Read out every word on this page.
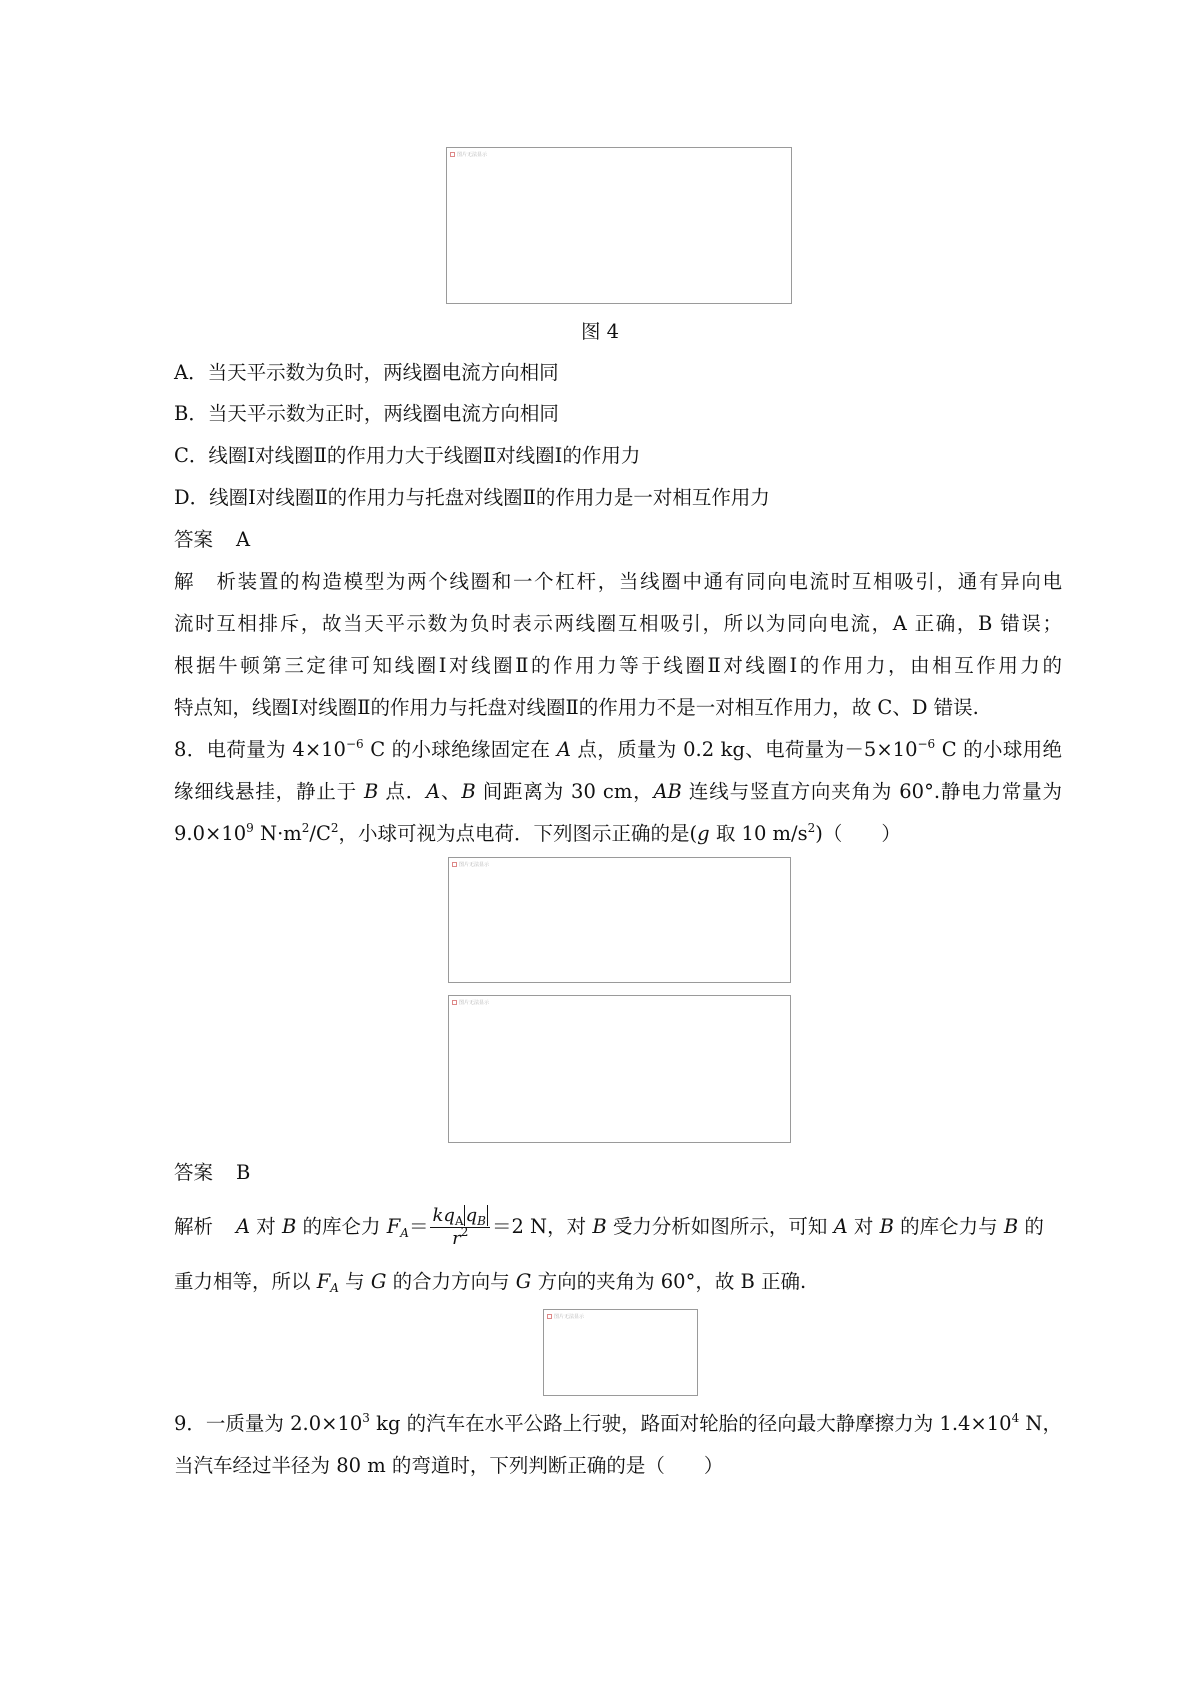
图片无法显示
图 4
A．当天平示数为负时，两线圈电流方向相同
B．当天平示数为正时，两线圈电流方向相同
C．线圈Ⅰ对线圈Ⅱ的作用力大于线圈Ⅱ对线圈Ⅰ的作用力
D．线圈Ⅰ对线圈Ⅱ的作用力与托盘对线圈Ⅱ的作用力是一对相互作用力
答案 A
解析装置的构造模型为两个线圈和一个杠杆，当线圈中通有同向电流时互相吸引，通有异向电
流时互相排斥，故当天平示数为负时表示两线圈互相吸引，所以为同向电流，A 正确，B 错误；
根据牛顿第三定律可知线圈Ⅰ对线圈Ⅱ的作用力等于线圈Ⅱ对线圈Ⅰ的作用力，由相互作用力的
特点知，线圈Ⅰ对线圈Ⅱ的作用力与托盘对线圈Ⅱ的作用力不是一对相互作用力，故 C、D 错误.
8．电荷量为 $4\times 10^{-6}$ C 的小球绝缘固定在 A 点，质量为 0.2 kg、电荷量为$-5\times 10^{-6}$ C 的小球用绝
缘细线悬挂，静止于 B 点．A、B 间距离为 30 cm，AB 连线与竖直方向夹角为 60°.静电力常量为
$9.0\times 10^9$ $N\cdot m^2/C^2$，小球可视为点电荷．下列图示正确的是(g 取 10 $m/s^2$)（　　）
图片无法显示
图片无法显示
答案 B
解析 A 对 B 的库仑力 $F_A= \frac{kq_A q_B}{r^2} =2$ N，对 B 受力分析如图所示，可知 A 对 B 的库仑力与 B 的
重力相等，所以 $F_A$ 与 G 的合力方向与 G 方向的夹角为 60°，故 B 正确.
图片无法显示
9．一质量为 $2.0\times 10^3$ kg 的汽车在水平公路上行驶，路面对轮胎的径向最大静摩擦力为 $1.4\times 10^4$ N，
当汽车经过半径为 80 m 的弯道时，下列判断正确的是（　　）
